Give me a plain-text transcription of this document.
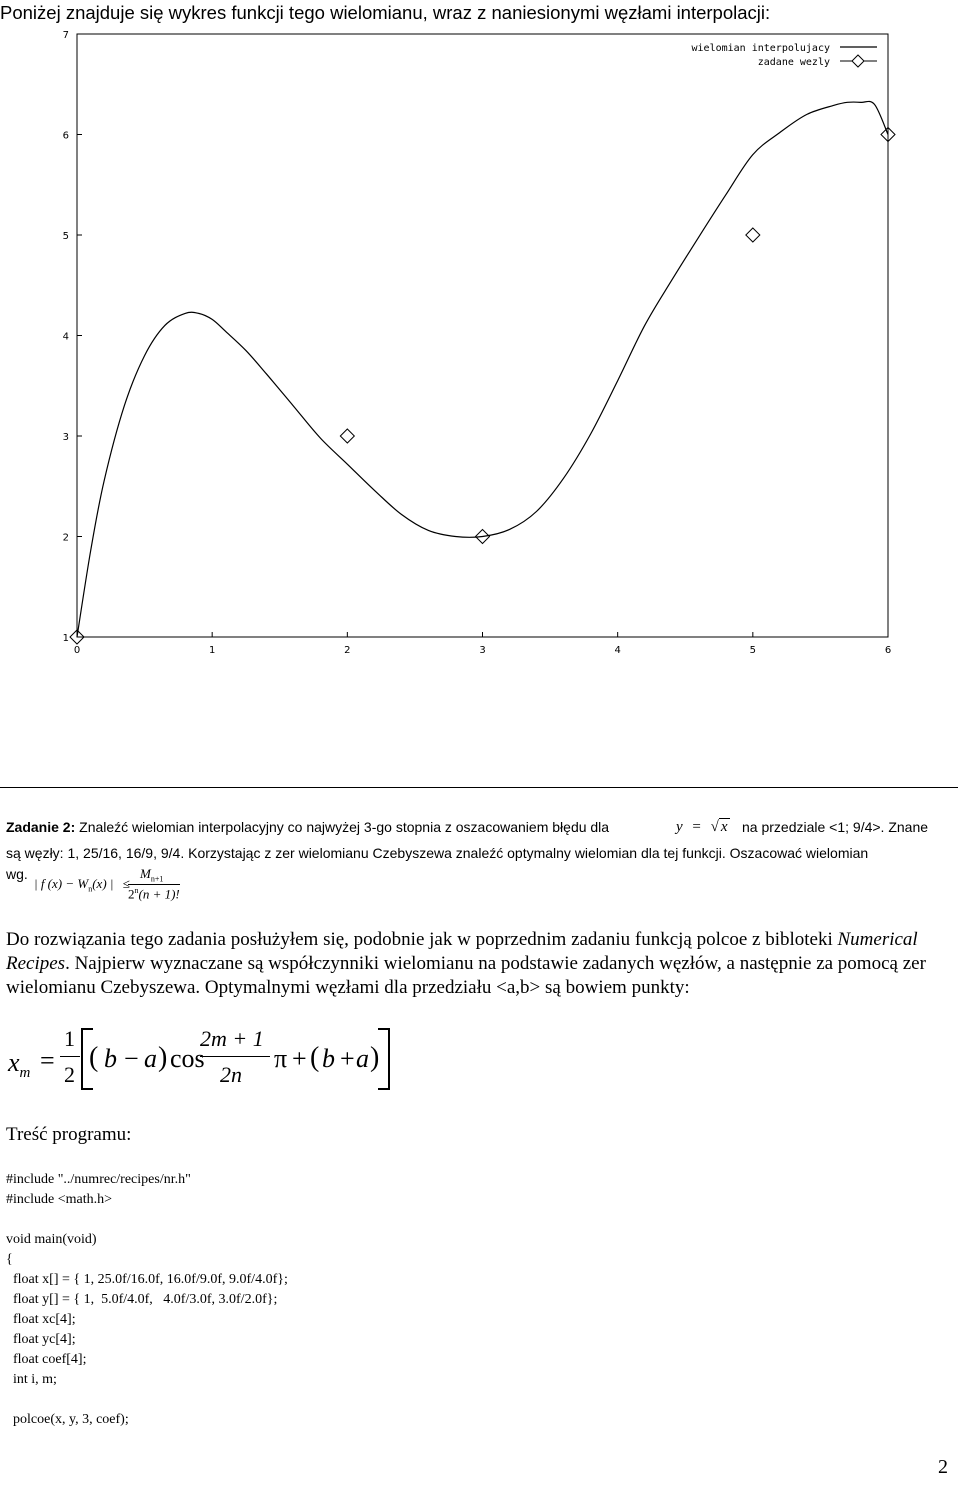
Poniżej znajduje się wykres funkcji tego wielomianu, wraz z naniesionymi węzłami interpolacji:
0	1	2	3	4	5	6
1
2
3
4
5
6
7
wielomian interpolujacy
zadane wezly
Zadanie 2: Znaleźć wielomian interpolacyjny co najwyżej 3-go stopnia z oszacowaniem błędu dla	y = √ x na przedziale <1; 9/4>. Znane
są węzły: 1, 25/16, 16/9, 9/4. Korzystając z zer wielomianu Czebyszewa znaleźć optymalny wielomian dla tej funkcji. Oszacować wielomian
wg.
| f $(x) - W_n(x)$ | ≤
$M_{n+1}$
$2^n(n + 1)$!
Do rozwiązania tego zadania posłużyłem się, podobnie jak w poprzednim zadaniu funkcją polcoe z bibloteki Numerical Recipes. Najpierw wyznaczane są współczynniki wielomianu na podstawie zadanych węzłów, a następnie za pomocą zer wielomianu Czebyszewa. Optymalnymi węzłami dla przedziału <a,b> są bowiem punkty:
$x_m$ =
1
2
( b − a ) cos
2m + 1
2n
π + ( b + a )
Treść programu:
#include "../numrec/recipes/nr.h"
#include <math.h>

void main(void)
{
float x[] = { 1, 25.0f/16.0f, 16.0f/9.0f, 9.0f/4.0f};
float y[] = { 1,  5.0f/4.0f,   4.0f/3.0f, 3.0f/2.0f};
float xc[4];
float yc[4];
float coef[4];
int i, m;

polcoe(x, y, 3, coef);
2
